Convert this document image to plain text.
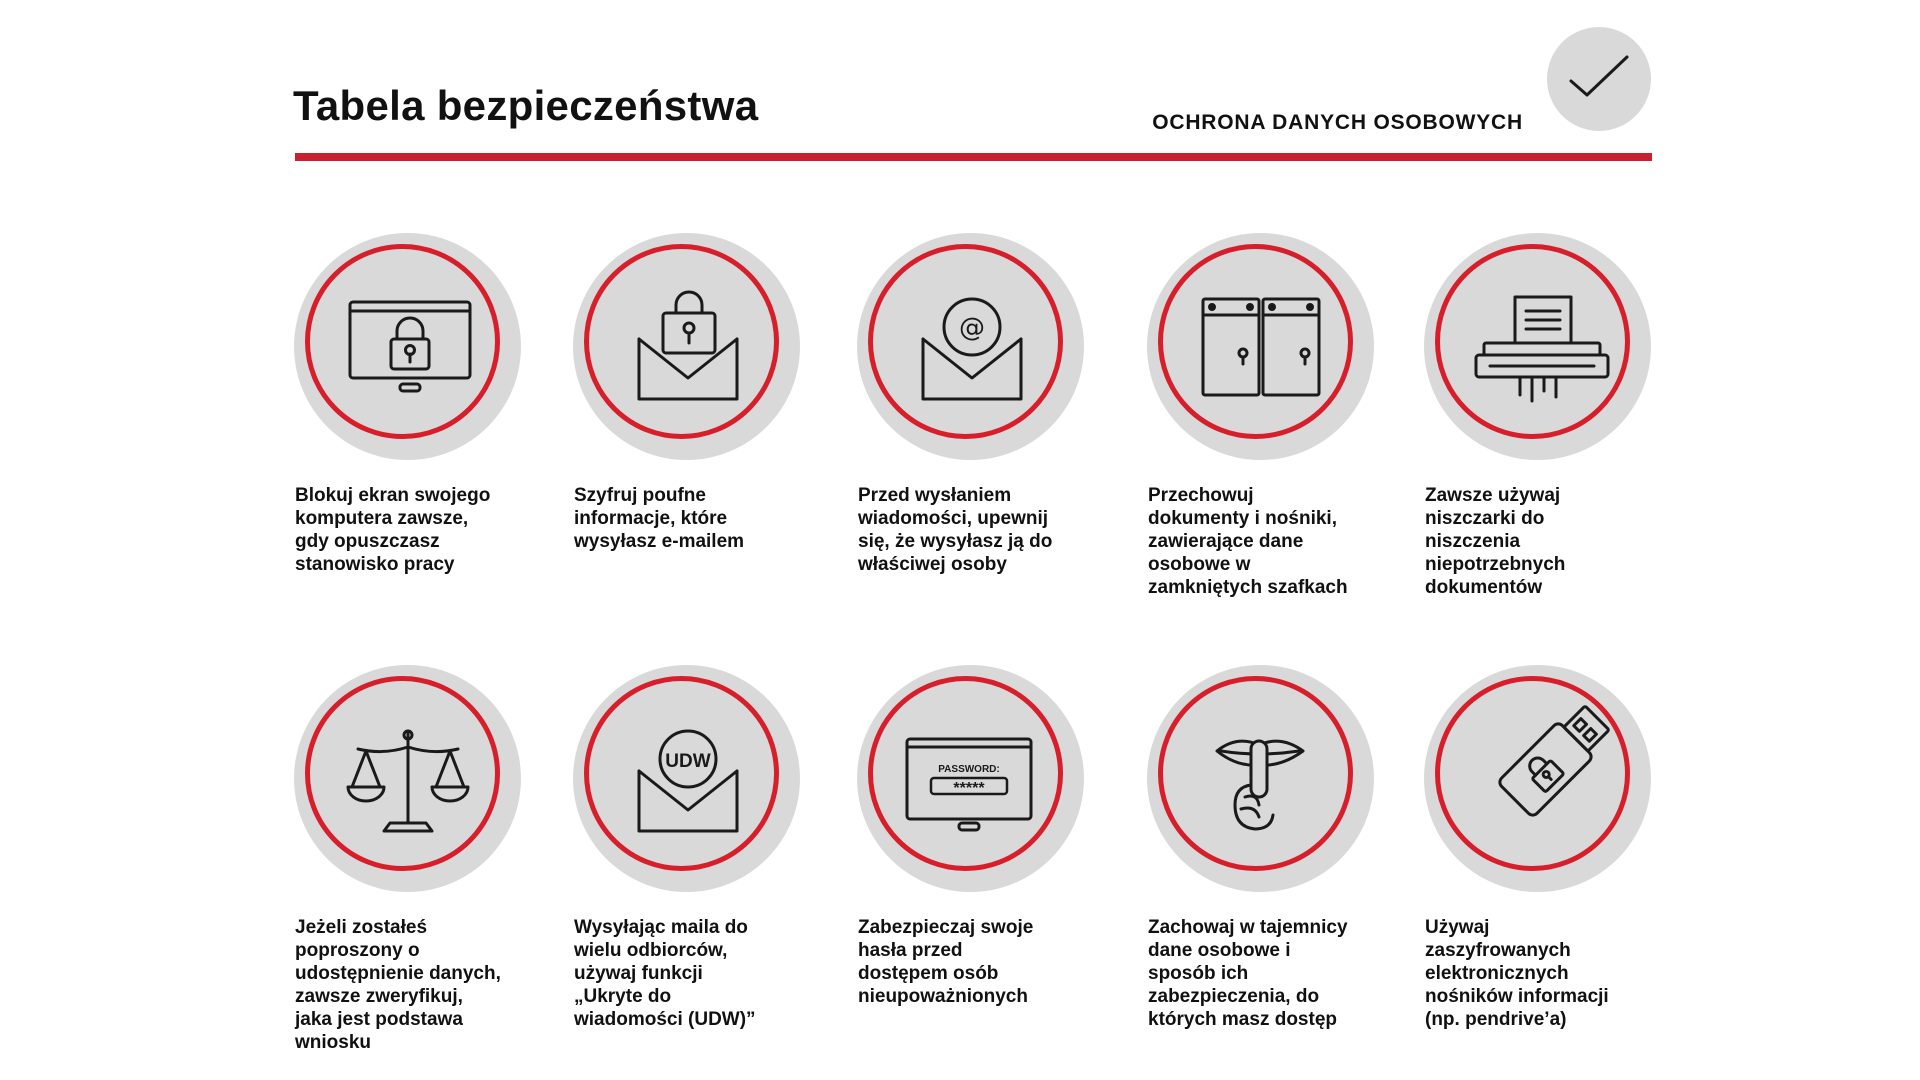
Tabela bezpieczeństwa	OCHRONA DANYCH OSOBOWYCH
Blokuj ekran swojego
komputera zawsze,
gdy opuszczasz
stanowisko pracy
Szyfruj poufne
informacje, które
wysyłasz e-mailem
@
Przed wysłaniem
wiadomości, upewnij
się, że wysyłasz ją do
właściwej osoby
Przechowuj
dokumenty i nośniki,
zawierające dane
osobowe w
zamkniętych szafkach
Zawsze używaj
niszczarki do
niszczenia
niepotrzebnych
dokumentów
Jeżeli zostałeś
poproszony o
udostępnienie danych,
zawsze zweryfikuj,
jaka jest podstawa
wniosku
UDW
Wysyłając maila do
wielu odbiorców,
używaj funkcji
„Ukryte do
wiadomości (UDW)”
PASSWORD:
*****
Zabezpieczaj swoje
hasła przed
dostępem osób
nieupoważnionych
Zachowaj w tajemnicy
dane osobowe i
sposób ich
zabezpieczenia, do
których masz dostęp
Używaj
zaszyfrowanych
elektronicznych
nośników informacji
(np. pendrive’a)
